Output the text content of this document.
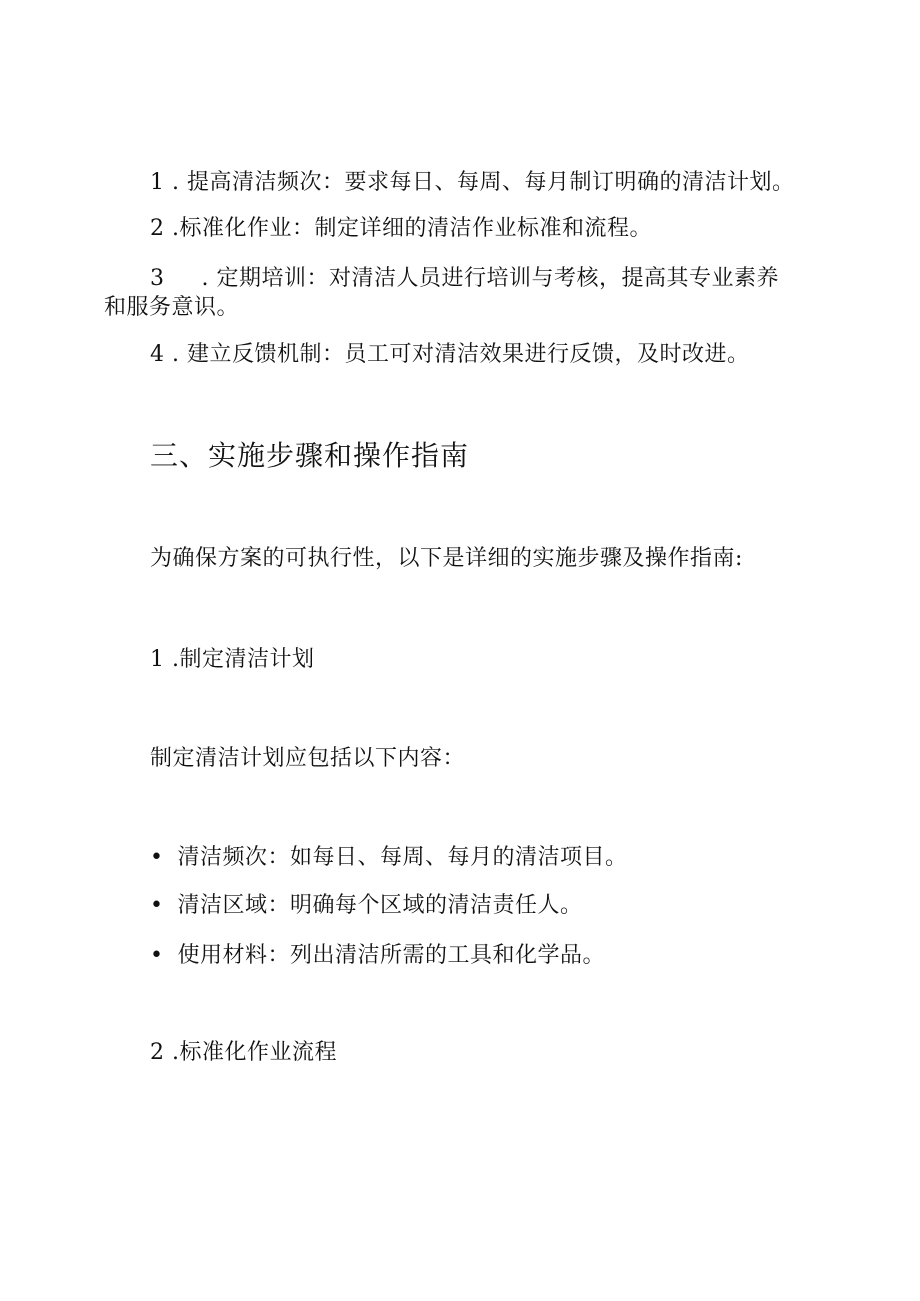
1 . 提高清洁频次：要求每日、每周、每月制订明确的清洁计划。
2 .标准化作业：制定详细的清洁作业标准和流程。
3 . 定期培训：对清洁人员进行培训与考核，提高其专业素养
和服务意识。
4 . 建立反馈机制：员工可对清洁效果进行反馈，及时改进。
三、实施步骤和操作指南
为确保方案的可执行性，以下是详细的实施步骤及操作指南:
1 .制定清洁计划
制定清洁计划应包括以下内容：
• 清洁频次：如每日、每周、每月的清洁项目。
• 清洁区域：明确每个区域的清洁责任人。
• 使用材料：列出清洁所需的工具和化学品。
2 .标准化作业流程
